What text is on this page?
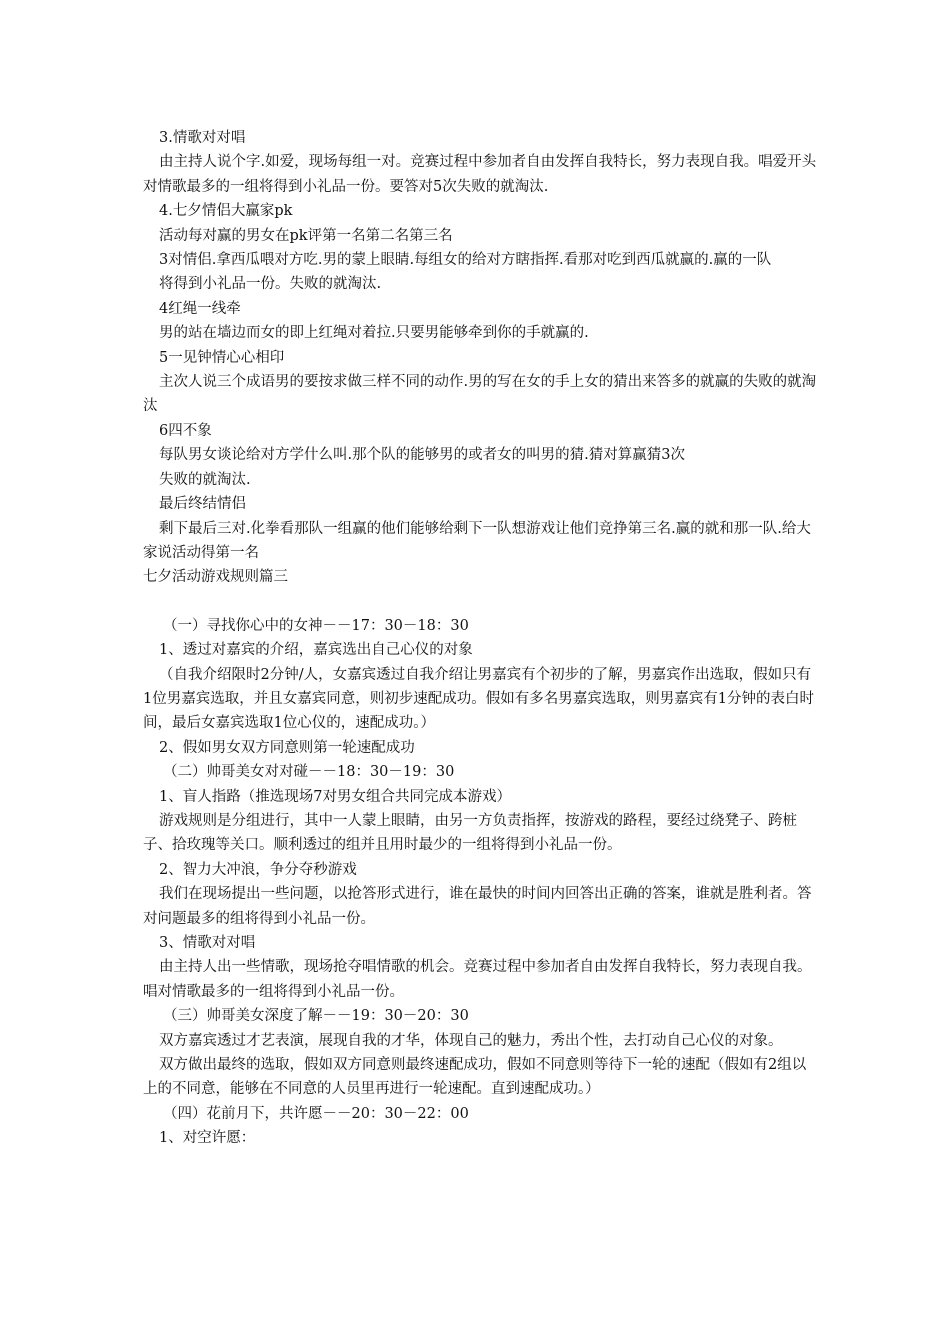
3.情歌对对唱

由主持人说个字.如爱，现场每组一对。竞赛过程中参加者自由发挥自我特长，努力表现自我。唱爱开头对情歌最多的一组将得到小礼品一份。要答对5次失败的就淘汰.

4.七夕情侣大赢家pk

活动每对赢的男女在pk评第一名第二名第三名

3对情侣.拿西瓜喂对方吃.男的蒙上眼睛.每组女的给对方瞎指挥.看那对吃到西瓜就赢的.赢的一队

将得到小礼品一份。失败的就淘汰.

4红绳一线牵

男的站在墙边而女的即上红绳对着拉.只要男能够牵到你的手就赢的.

5一见钟情心心相印

主次人说三个成语男的要按求做三样不同的动作.男的写在女的手上女的猜出来答多的就赢的失败的就淘汰

6四不象

每队男女谈论给对方学什么叫.那个队的能够男的或者女的叫男的猜.猜对算赢猜3次

失败的就淘汰.

最后终结情侣

剩下最后三对.化拳看那队一组赢的他们能够给剩下一队想游戏让他们竞挣第三名.赢的就和那一队.给大家说活动得第一名

七夕活动游戏规则篇三

（一）寻找你心中的女神－－17：30－18：30

1、透过对嘉宾的介绍，嘉宾选出自己心仪的对象

（自我介绍限时2分钟/人，女嘉宾透过自我介绍让男嘉宾有个初步的了解，男嘉宾作出选取，假如只有1位男嘉宾选取，并且女嘉宾同意，则初步速配成功。假如有多名男嘉宾选取，则男嘉宾有1分钟的表白时间，最后女嘉宾选取1位心仪的，速配成功。）

2、假如男女双方同意则第一轮速配成功

（二）帅哥美女对对碰－－18：30－19：30

1、盲人指路（推选现场7对男女组合共同完成本游戏）

游戏规则是分组进行，其中一人蒙上眼睛，由另一方负责指挥，按游戏的路程，要经过绕凳子、跨桩子、拾玫瑰等关口。顺利透过的组并且用时最少的一组将得到小礼品一份。

2、智力大冲浪，争分夺秒游戏

我们在现场提出一些问题，以抢答形式进行，谁在最快的时间内回答出正确的答案，谁就是胜利者。答对问题最多的组将得到小礼品一份。

3、情歌对对唱

由主持人出一些情歌，现场抢夺唱情歌的机会。竞赛过程中参加者自由发挥自我特长，努力表现自我。唱对情歌最多的一组将得到小礼品一份。

（三）帅哥美女深度了解－－19：30－20：30

双方嘉宾透过才艺表演，展现自我的才华，体现自己的魅力，秀出个性，去打动自己心仪的对象。

双方做出最终的选取，假如双方同意则最终速配成功，假如不同意则等待下一轮的速配（假如有2组以上的不同意，能够在不同意的人员里再进行一轮速配。直到速配成功。）

（四）花前月下，共许愿－－20：30－22：00

1、对空许愿：
